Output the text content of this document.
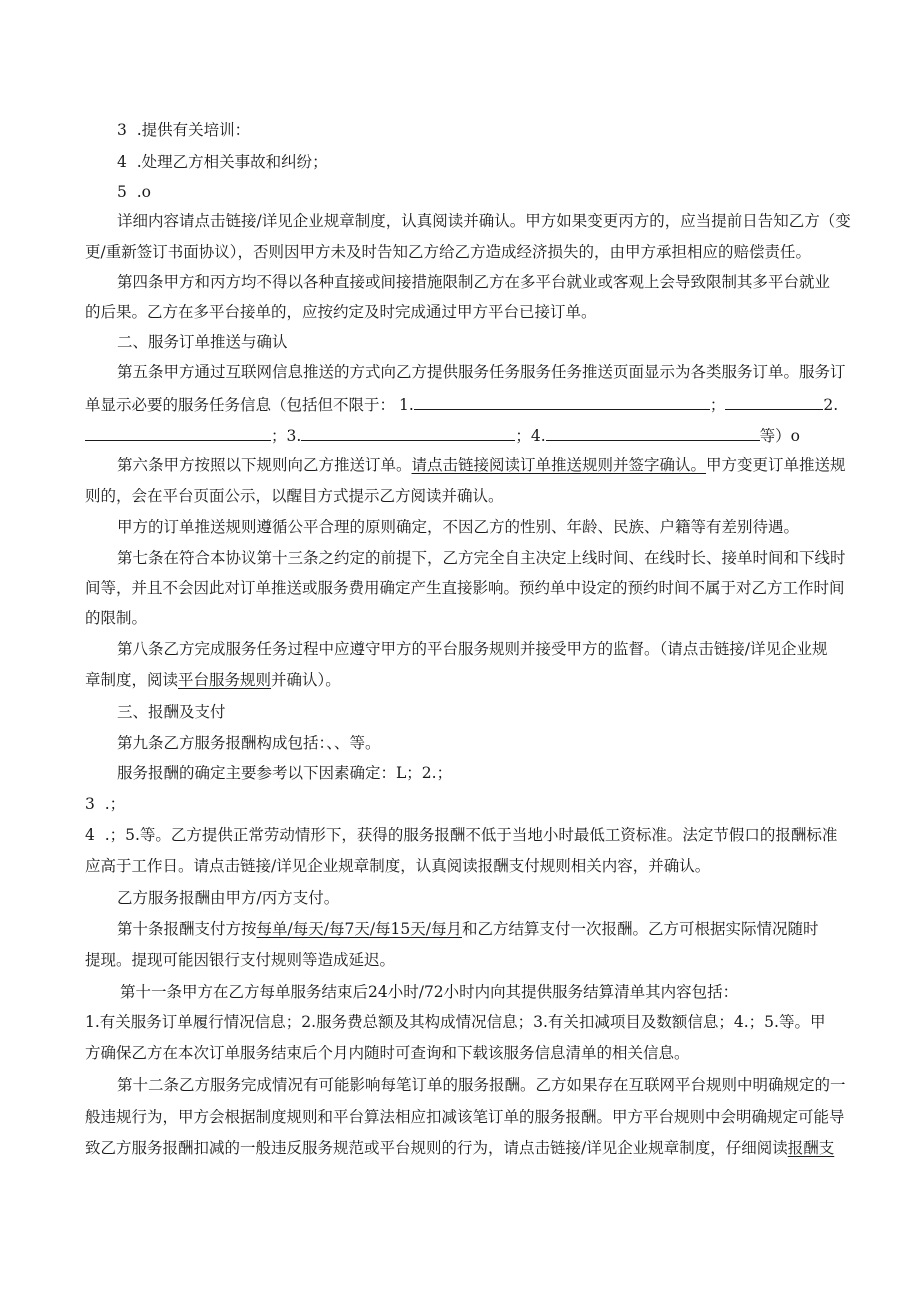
3  .提供有关培训：
4  .处理乙方相关事故和纠纷；
5  .o
详细内容请点击链接/详见企业规章制度，认真阅读并确认。甲方如果变更丙方的，应当提前日告知乙方（变
更/重新签订书面协议），否则因甲方未及时告知乙方给乙方造成经济损失的，由甲方承担相应的赔偿责任。
第四条甲方和丙方均不得以各种直接或间接措施限制乙方在多平台就业或客观上会导致限制其多平台就业
的后果。乙方在多平台接单的，应按约定及时完成通过甲方平台已接订单。
二、服务订单推送与确认
第五条甲方通过互联网信息推送的方式向乙方提供服务任务服务任务推送页面显示为各类服务订单。服务订
单显示必要的服务任务信息（包括但不限于： 1.	；	2.
；3.	；4.	等）o
第六条甲方按照以下规则向乙方推送订单。请点击链接阅读订单推送规则并签字确认。甲方变更订单推送规
则的，会在平台页面公示，以醒目方式提示乙方阅读并确认。
甲方的订单推送规则遵循公平合理的原则确定，不因乙方的性别、年龄、民族、户籍等有差别待遇。
第七条在符合本协议第十三条之约定的前提下，乙方完全自主决定上线时间、在线时长、接单时间和下线时
间等，并且不会因此对订单推送或服务费用确定产生直接影响。预约单中设定的预约时间不属于对乙方工作时间
的限制。
第八条乙方完成服务任务过程中应遵守甲方的平台服务规则并接受甲方的监督。（请点击链接/详见企业规
章制度，阅读平台服务规则并确认）。
三、报酬及支付
第九条乙方服务报酬构成包括：、、等。
服务报酬的确定主要参考以下因素确定：L；2.；
3  .；
4  .；5.等。乙方提供正常劳动情形下，获得的服务报酬不低于当地小时最低工资标准。法定节假口的报酬标准
应高于工作日。请点击链接/详见企业规章制度，认真阅读报酬支付规则相关内容，并确认。
乙方服务报酬由甲方/丙方支付。
第十条报酬支付方按每单/每天/每7天/每15天/每月和乙方结算支付一次报酬。乙方可根据实际情况随时
提现。提现可能因银行支付规则等造成延迟。
第十一条甲方在乙方每单服务结束后24小时/72小时内向其提供服务结算清单其内容包括：
1.有关服务订单履行情况信息；2.服务费总额及其构成情况信息；3.有关扣减项目及数额信息；4.；5.等。甲
方确保乙方在本次订单服务结束后个月内随时可查询和下载该服务信息清单的相关信息。
第十二条乙方服务完成情况有可能影响每笔订单的服务报酬。乙方如果存在互联网平台规则中明确规定的一
般违规行为，甲方会根据制度规则和平台算法相应扣减该笔订单的服务报酬。甲方平台规则中会明确规定可能导
致乙方服务报酬扣减的一般违反服务规范或平台规则的行为，请点击链接/详见企业规章制度，仔细阅读报酬支
